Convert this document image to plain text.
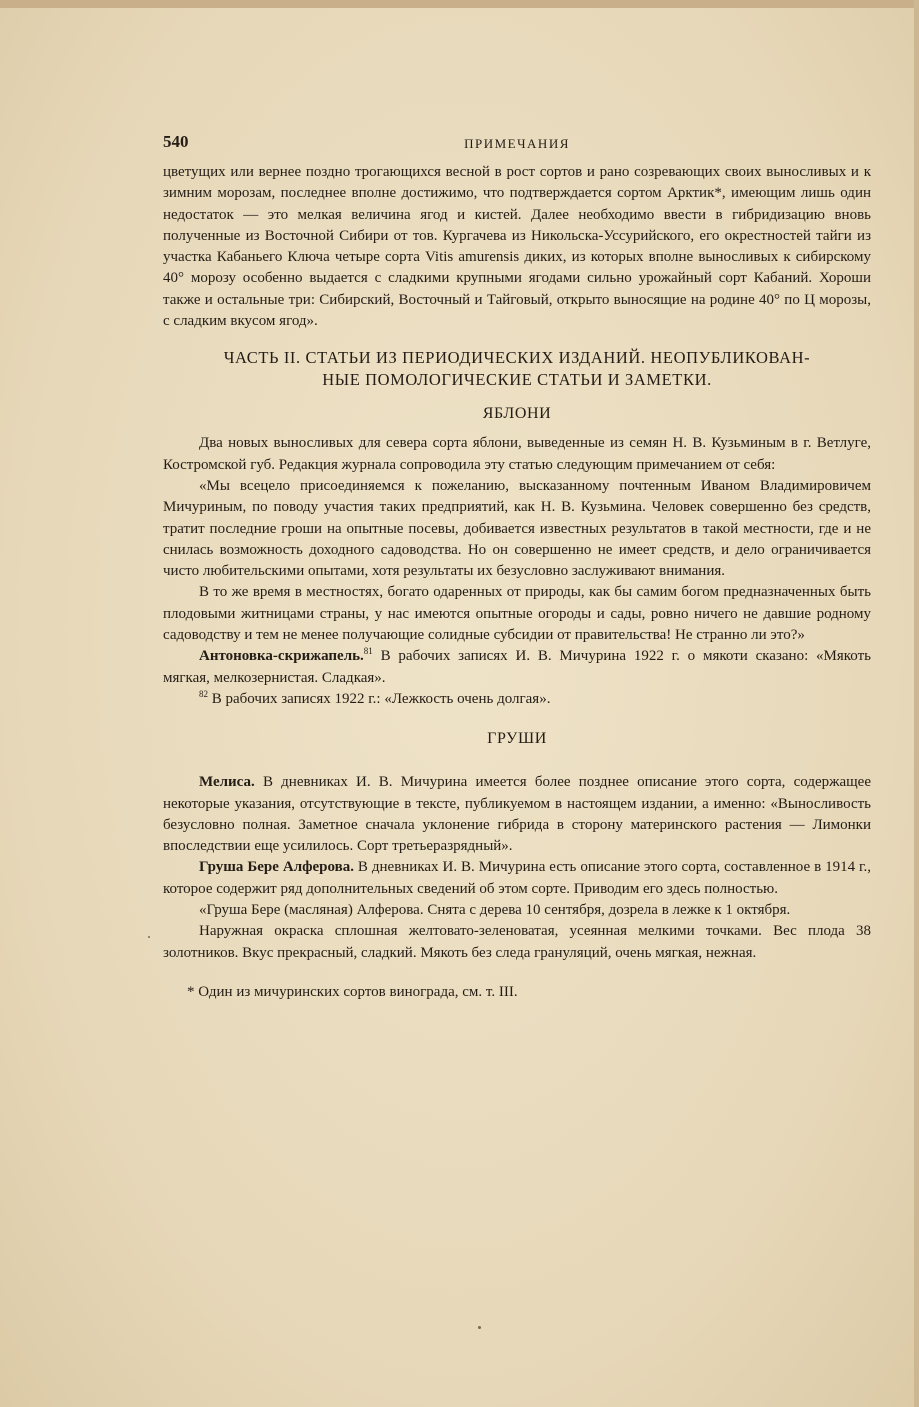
540	ПРИМЕЧАНИЯ

цветущих или вернее поздно трогающихся весной в рост сортов и рано созревающих своих выносливых и к зимним морозам, последнее вполне достижимо, что подтверждается сортом Арктик*, имеющим лишь один недостаток — это мелкая величина ягод и кистей. Далее необходимо ввести в гибридизацию вновь полученные из Восточной Сибири от тов. Кургачева из Никольска-Уссурийского, его окрестностей тайги из участка Кабаньего Ключа четыре сорта Vitis amurensis диких, из которых вполне выносливых к сибирскому 40° морозу особенно выдается с сладкими крупными ягодами сильно урожайный сорт Кабаний. Хороши также и остальные три: Сибирский, Восточный и Тайговый, открыто выносящие на родине 40° по Ц морозы, с сладким вкусом ягод».

ЧАСТЬ II. СТАТЬИ ИЗ ПЕРИОДИЧЕСКИХ ИЗДАНИЙ. НЕОПУБЛИКОВАН-
НЫЕ ПОМОЛОГИЧЕСКИЕ СТАТЬИ И ЗАМЕТКИ.
ЯБЛОНИ

Два новых выносливых для севера сорта яблони, выведенные из семян Н. В. Кузьминым в г. Ветлуге, Костромской губ. Редакция журнала сопроводила эту статью следующим примечанием от себя:

«Мы всецело присоединяемся к пожеланию, высказанному почтенным Иваном Владимировичем Мичуриным, по поводу участия таких предприятий, как Н. В. Кузьмина. Человек совершенно без средств, тратит последние гроши на опытные посевы, добивается известных результатов в такой местности, где и не снилась возможность доходного садоводства. Но он совершенно не имеет средств, и дело ограничивается чисто любительскими опытами, хотя результаты их безусловно заслуживают внимания.

В то же время в местностях, богато одаренных от природы, как бы самим богом предназначенных быть плодовыми житницами страны, у нас имеются опытные огороды и сады, ровно ничего не давшие родному садоводству и тем не менее получающие солидные субсидии от правительства! Не странно ли это?»

Антоновка-скрижапель.$^{81}$ В рабочих записях И. В. Мичурина 1922 г. о мякоти сказано: «Мякоть мягкая, мелкозернистая. Сладкая».

$^{82}$ В рабочих записях 1922 г.: «Лежкость очень долгая».

ГРУШИ

Мелиса. В дневниках И. В. Мичурина имеется более позднее описание этого сорта, содержащее некоторые указания, отсутствующие в тексте, публикуемом в настоящем издании, а именно: «Выносливость безусловно полная. Заметное сначала уклонение гибрида в сторону материнского растения — Лимонки впоследствии еще усилилось. Сорт третьеразрядный».

Груша Бере Алферова. В дневниках И. В. Мичурина есть описание этого сорта, составленное в 1914 г., которое содержит ряд дополнительных сведений об этом сорте. Приводим его здесь полностью.

«Груша Бере (масляная) Алферова. Снята с дерева 10 сентября, дозрела в лежке к 1 октября.

Наружная окраска сплошная желтовато-зеленоватая, усеянная мелкими точками. Вес плода 38 золотников. Вкус прекрасный, сладкий. Мякоть без следа грануляций, очень мягкая, нежная.

* Один из мичуринских сортов винограда, см. т. III.
